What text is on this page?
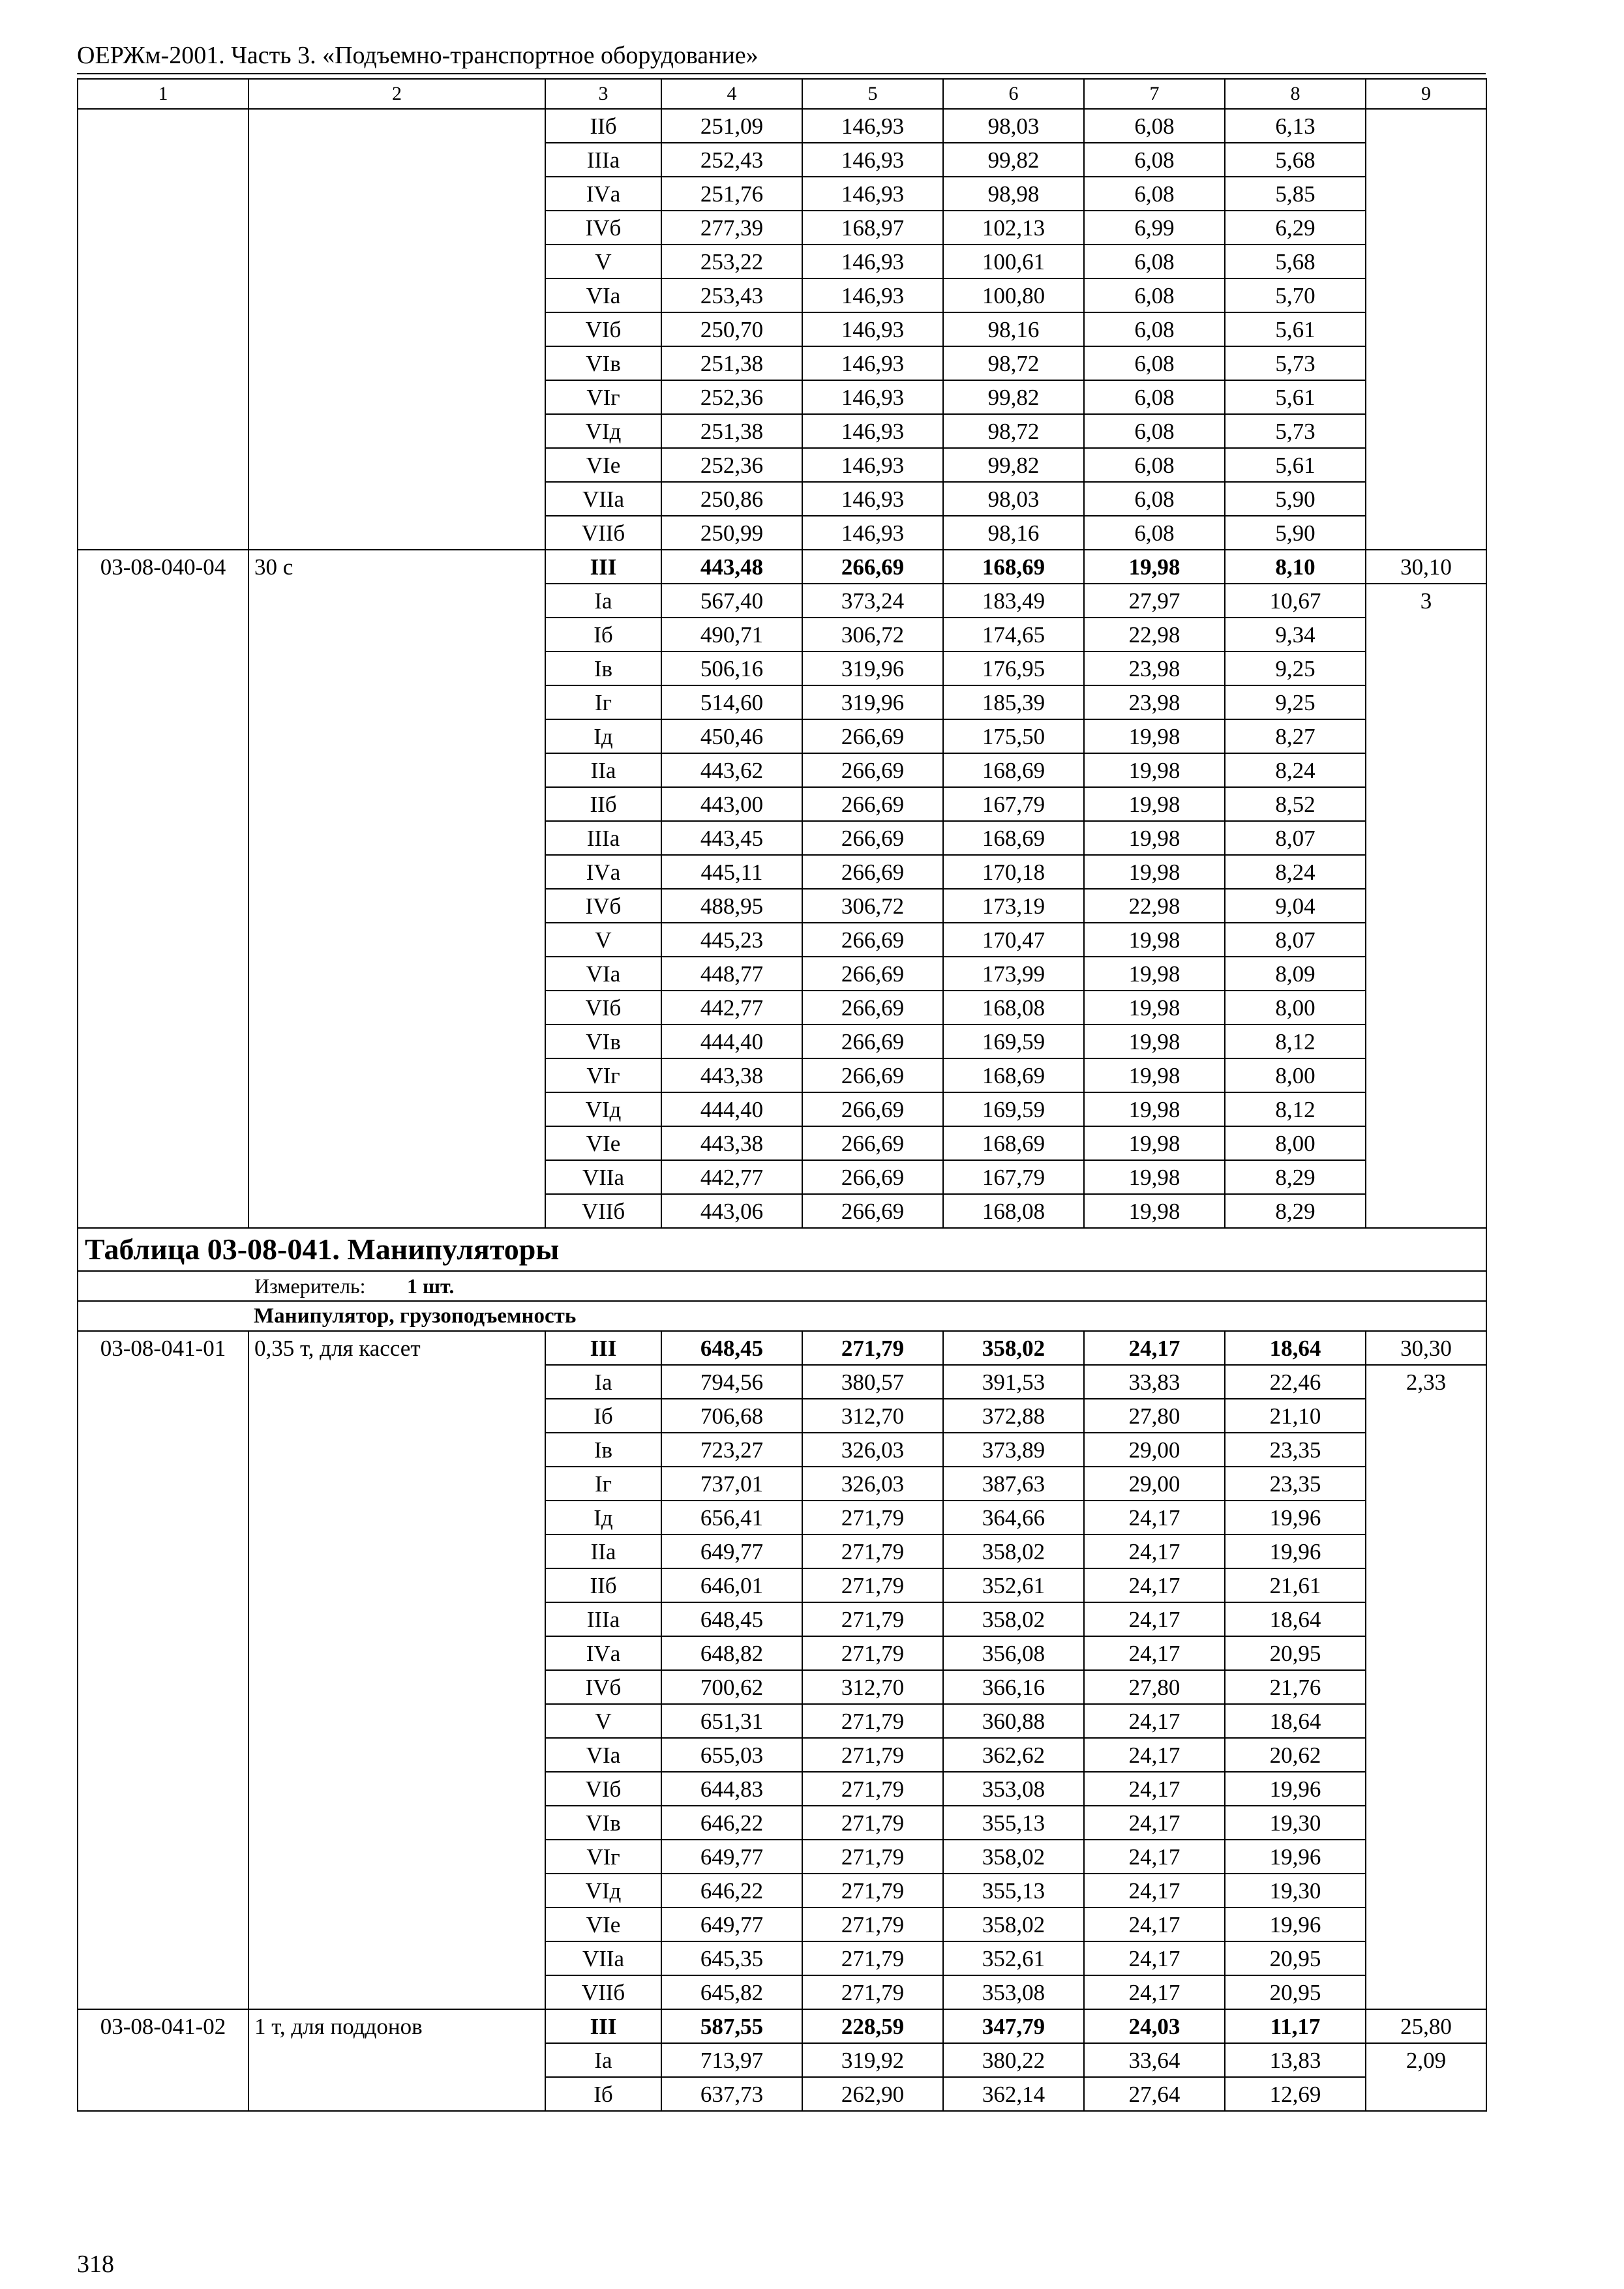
ОЕРЖм-2001. Часть 3. «Подъемно-транспортное оборудование»
1	2	3	4	5	6	7	8	9
		IIб	251,09	146,93	98,03	6,08	6,13	
		IIIа	252,43	146,93	99,82	6,08	5,68	
		IVа	251,76	146,93	98,98	6,08	5,85	
		IVб	277,39	168,97	102,13	6,99	6,29	
		V	253,22	146,93	100,61	6,08	5,68	
		VIа	253,43	146,93	100,80	6,08	5,70	
		VIб	250,70	146,93	98,16	6,08	5,61	
		VIв	251,38	146,93	98,72	6,08	5,73	
		VIг	252,36	146,93	99,82	6,08	5,61	
		VIд	251,38	146,93	98,72	6,08	5,73	
		VIе	252,36	146,93	99,82	6,08	5,61	
		VIIа	250,86	146,93	98,03	6,08	5,90	
		VIIб	250,99	146,93	98,16	6,08	5,90	
03-08-040-04	30 с	III	443,48	266,69	168,69	19,98	8,10	30,10
		Iа	567,40	373,24	183,49	27,97	10,67	3
		Iб	490,71	306,72	174,65	22,98	9,34	
		Iв	506,16	319,96	176,95	23,98	9,25	
		Iг	514,60	319,96	185,39	23,98	9,25	
		Iд	450,46	266,69	175,50	19,98	8,27	
		IIа	443,62	266,69	168,69	19,98	8,24	
		IIб	443,00	266,69	167,79	19,98	8,52	
		IIIа	443,45	266,69	168,69	19,98	8,07	
		IVа	445,11	266,69	170,18	19,98	8,24	
		IVб	488,95	306,72	173,19	22,98	9,04	
		V	445,23	266,69	170,47	19,98	8,07	
		VIа	448,77	266,69	173,99	19,98	8,09	
		VIб	442,77	266,69	168,08	19,98	8,00	
		VIв	444,40	266,69	169,59	19,98	8,12	
		VIг	443,38	266,69	168,69	19,98	8,00	
		VIд	444,40	266,69	169,59	19,98	8,12	
		VIе	443,38	266,69	168,69	19,98	8,00	
		VIIа	442,77	266,69	167,79	19,98	8,29	
		VIIб	443,06	266,69	168,08	19,98	8,29	
Таблица 03-08-041. Манипуляторы								
Измеритель: 1 шт.								
Манипулятор, грузоподъемность								
03-08-041-01	0,35 т, для кассет	III	648,45	271,79	358,02	24,17	18,64	30,30
		Iа	794,56	380,57	391,53	33,83	22,46	2,33
		Iб	706,68	312,70	372,88	27,80	21,10	
		Iв	723,27	326,03	373,89	29,00	23,35	
		Iг	737,01	326,03	387,63	29,00	23,35	
		Iд	656,41	271,79	364,66	24,17	19,96	
		IIа	649,77	271,79	358,02	24,17	19,96	
		IIб	646,01	271,79	352,61	24,17	21,61	
		IIIа	648,45	271,79	358,02	24,17	18,64	
		IVа	648,82	271,79	356,08	24,17	20,95	
		IVб	700,62	312,70	366,16	27,80	21,76	
		V	651,31	271,79	360,88	24,17	18,64	
		VIа	655,03	271,79	362,62	24,17	20,62	
		VIб	644,83	271,79	353,08	24,17	19,96	
		VIв	646,22	271,79	355,13	24,17	19,30	
		VIг	649,77	271,79	358,02	24,17	19,96	
		VIд	646,22	271,79	355,13	24,17	19,30	
		VIе	649,77	271,79	358,02	24,17	19,96	
		VIIа	645,35	271,79	352,61	24,17	20,95	
		VIIб	645,82	271,79	353,08	24,17	20,95	
03-08-041-02	1 т, для поддонов	III	587,55	228,59	347,79	24,03	11,17	25,80
		Iа	713,97	319,92	380,22	33,64	13,83	2,09
		Iб	637,73	262,90	362,14	27,64	12,69	
318
